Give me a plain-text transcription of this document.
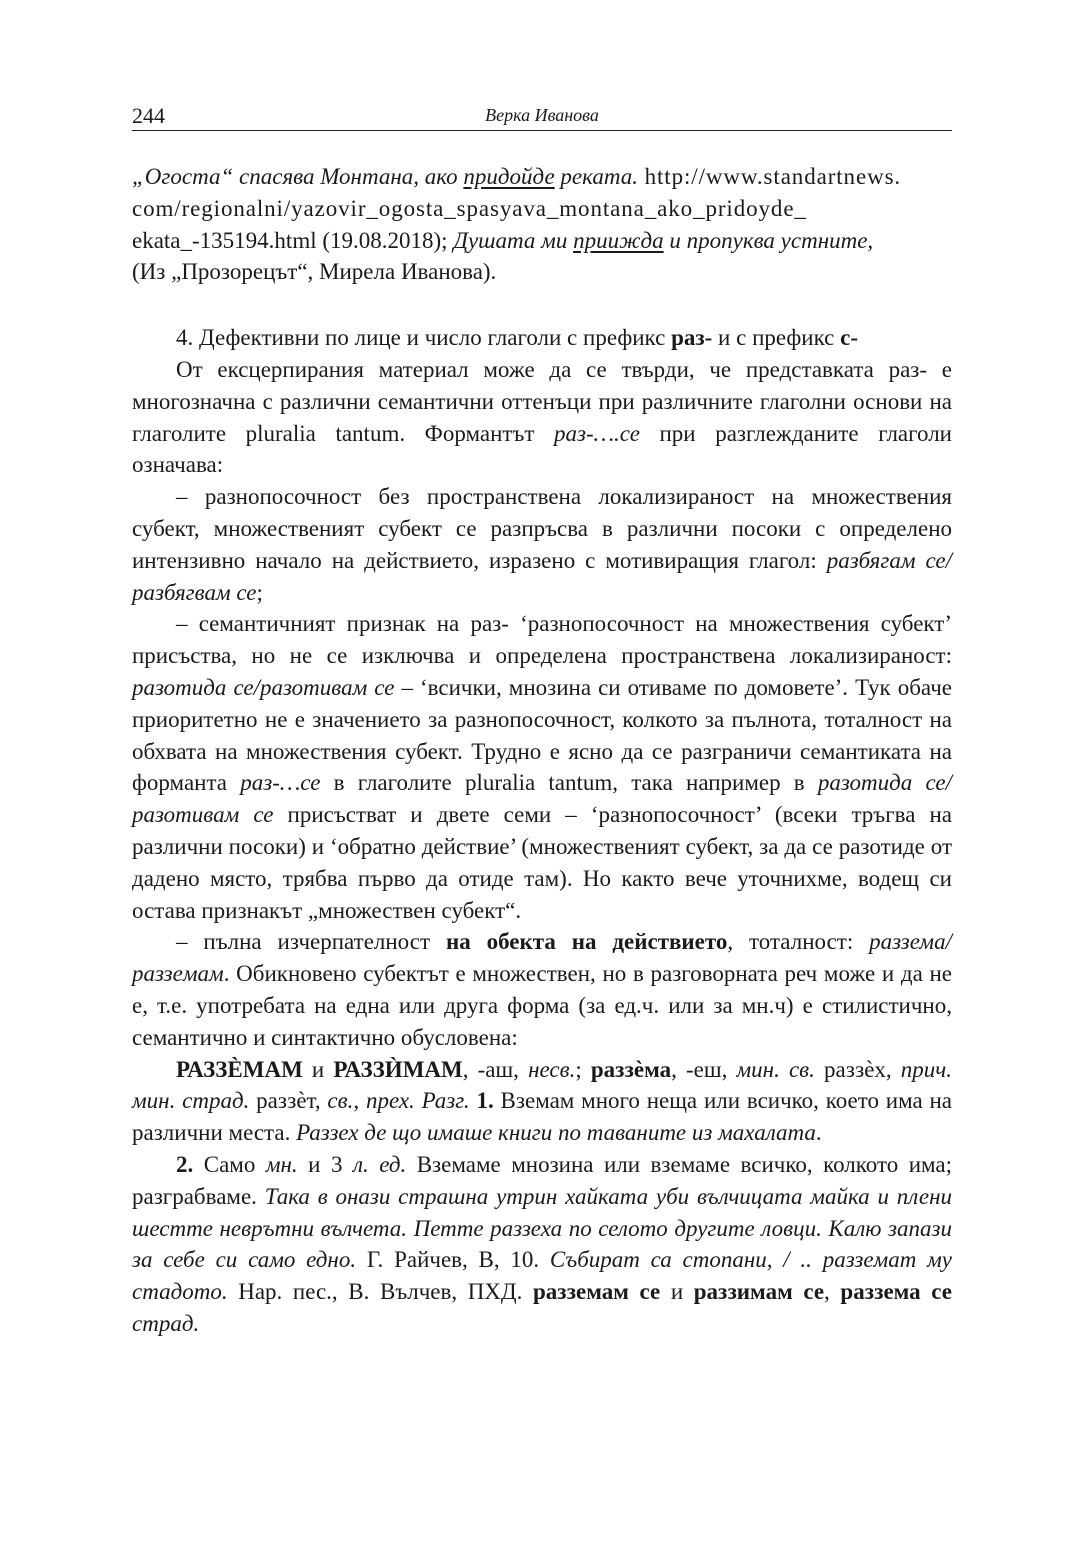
244	Верка Иванова

„Огоста“ спасява Монтана, ако придойде реката. http://www.standartnews.
com/regionalni/yazovir_ogosta_spasyava_montana_ako_pridoyde_
ekata_-135194.html (19.08.2018); Душата ми прииждa и пропуква устните,
(Из „Прозорецът“, Мирела Иванова).

4. Дефективни по лице и число глаголи с префикс раз- и с префикс с-

От ексцерпирания материал може да се твърди, че представката раз- е многозначна с различни семантични оттенъци при различните глаголни основи на глаголите pluralia tantum. Формантът раз-….се при разглежданите глаголи означава:

– разнопосочност без пространствена локализираност на множествения субект, множественият субект се разпръсва в различни посоки с определено интензивно начало на действието, изразено с мотивиращия глагол: разбягам се/разбягвам се;

– семантичният признак на раз- ‘разнопосочност на множествения субект’ присъства, но не се изключва и определена пространствена локализираност: разотида се/разотивам се – ‘всички, мнозина си отиваме по домовете’. Тук обаче приоритетно не е значението за разнопосочност, колкото за пълнота, тоталност на обхвата на множествения субект. Трудно е ясно да се разграничи семантиката на форманта раз-…се в глаголите pluralia tantum, така например в разотида се/разотивам се присъстват и двете семи – ‘разнопосочност’ (всеки тръгва на различни посоки) и ‘обратно действие’ (множественият субект, за да се разотиде от дадено място, трябва първо да отиде там). Но както вече уточнихме, водещ си остава признакът „множествен субект“.

– пълна изчерпателност на обекта на действието, тоталност: раззема/раззeмам. Обикновено субектът е множествен, но в разговорната реч може и да не е, т.е. употребата на една или друга форма (за ед.ч. или за мн.ч) е стилистично, семантично и синтактично обусловена:

РАЗЗЀМАМ и РАЗЗЍМАМ, -аш, несв.; раззѐма, -еш, мин. св. раззѐх, прич. мин. страд. раззѐт, св., прех. Разг. 1. Вземам много неща или всичко, което има на различни места. Раззех де що имаше книги по таваните из махалата.

2. Само мн. и 3 л. ед. Вземаме мнозина или вземаме всичко, колкото има; разграбваме. Така в онази страшна утрин хайката уби вълчицата майка и плени шестте неврътни вълчета. Петте раззеха по селото другите ловци. Калю запази за себе си само едно. Г. Райчев, В, 10. Събират са стопани, / .. раззeмат му стадото. Нар. пес., В. Вълчев, ПХД. раззeмам се и раззимам се, раззема се страд.
